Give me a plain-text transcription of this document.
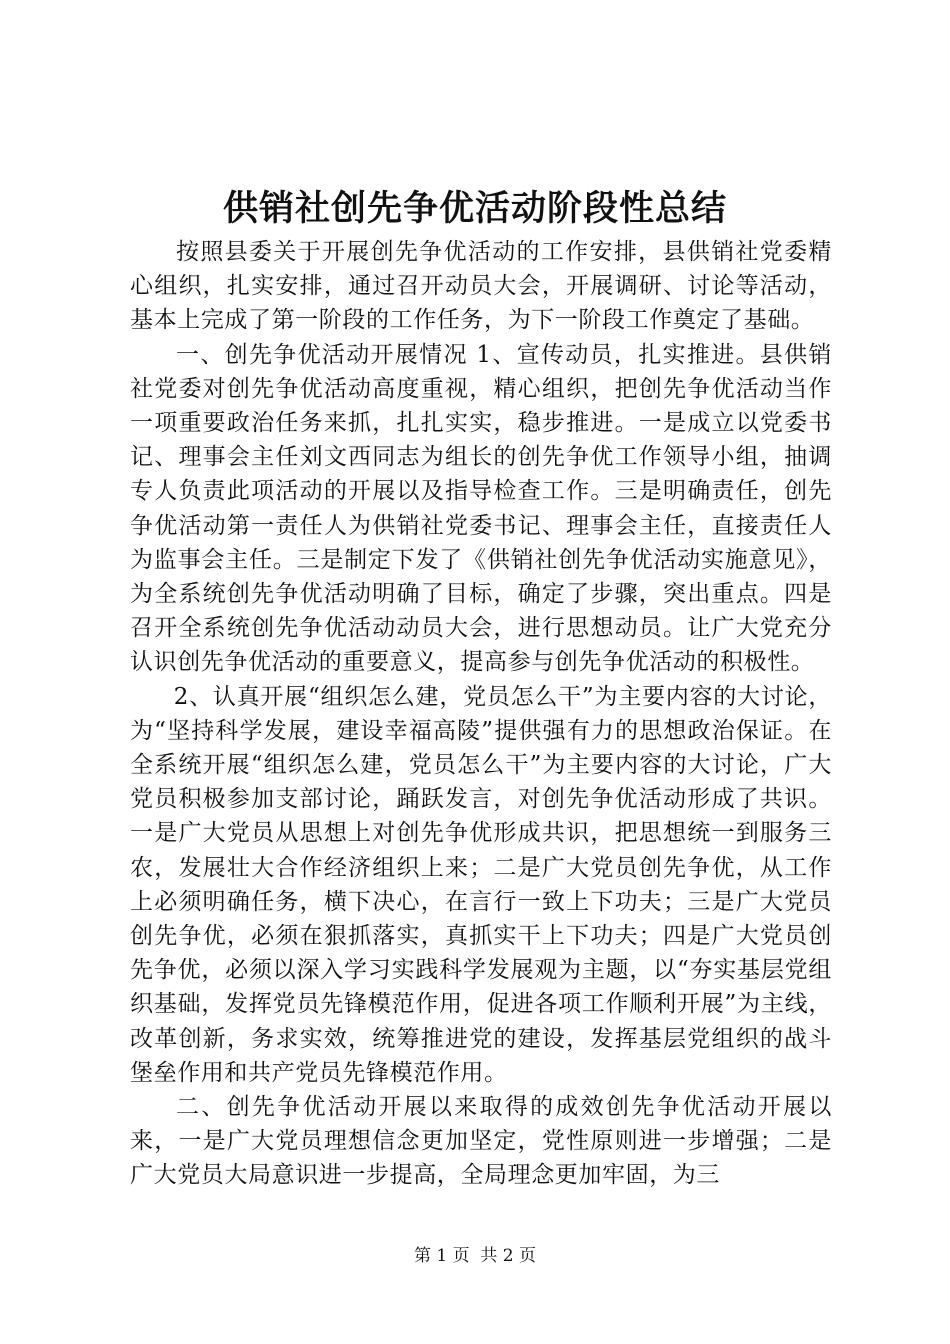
供销社创先争优活动阶段性总结

按照县委关于开展创先争优活动的工作安排，县供销社党委精心组织，扎实安排，通过召开动员大会，开展调研、讨论等活动，基本上完成了第一阶段的工作任务，为下一阶段工作奠定了基础。

一、创先争优活动开展情况 1、宣传动员，扎实推进。县供销社党委对创先争优活动高度重视，精心组织，把创先争优活动当作一项重要政治任务来抓，扎扎实实，稳步推进。一是成立以党委书记、理事会主任刘文西同志为组长的创先争优工作领导小组，抽调专人负责此项活动的开展以及指导检查工作。三是明确责任，创先争优活动第一责任人为供销社党委书记、理事会主任，直接责任人为监事会主任。三是制定下发了《供销社创先争优活动实施意见》，为全系统创先争优活动明确了目标，确定了步骤，突出重点。四是召开全系统创先争优活动动员大会，进行思想动员。让广大党充分认识创先争优活动的重要意义，提高参与创先争优活动的积极性。

2、认真开展“组织怎么建，党员怎么干”为主要内容的大讨论，为“坚持科学发展，建设幸福高陵”提供强有力的思想政治保证。在全系统开展“组织怎么建，党员怎么干”为主要内容的大讨论，广大党员积极参加支部讨论，踊跃发言，对创先争优活动形成了共识。一是广大党员从思想上对创先争优形成共识，把思想统一到服务三农，发展壮大合作经济组织上来；二是广大党员创先争优，从工作上必须明确任务，横下决心，在言行一致上下功夫；三是广大党员创先争优，必须在狠抓落实，真抓实干上下功夫；四是广大党员创先争优，必须以深入学习实践科学发展观为主题，以“夯实基层党组织基础，发挥党员先锋模范作用，促进各项工作顺利开展”为主线，改革创新，务求实效，统筹推进党的建设，发挥基层党组织的战斗堡垒作用和共产党员先锋模范作用。

二、创先争优活动开展以来取得的成效创先争优活动开展以来，一是广大党员理想信念更加坚定，党性原则进一步增强；二是广大党员大局意识进一步提高，全局理念更加牢固，为三

第 1 页  共 2 页
